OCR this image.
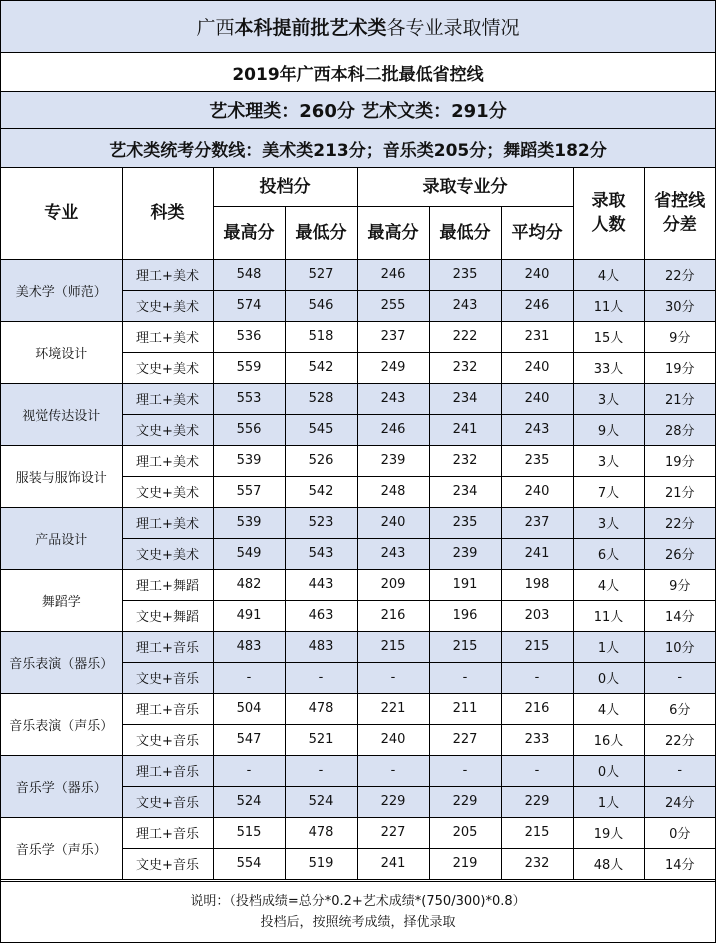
广西 本科提前批艺术类 各专业录取情况
2019年广西本科二批最低省控线
艺术理类：260分 艺术文类：291分
艺术类统考分数线：美术类213分；音乐类205分；舞蹈类182分
专业	科类	投档分		录取专业分			录取人数	省控线分差

		最高分	最低分	最高分	最低分	平均分		
美术学（师范）	理工+美术	548	527	246	235	240	4人	22分
	文史+美术	574	546	255	243	246	11人	30分
环境设计	理工+美术	536	518	237	222	231	15人	9分
	文史+美术	559	542	249	232	240	33人	19分
视觉传达设计	理工+美术	553	528	243	234	240	3人	21分
	文史+美术	556	545	246	241	243	9人	28分
服装与服饰设计	理工+美术	539	526	239	232	235	3人	19分
	文史+美术	557	542	248	234	240	7人	21分
产品设计	理工+美术	539	523	240	235	237	3人	22分
	文史+美术	549	543	243	239	241	6人	26分
舞蹈学	理工+舞蹈	482	443	209	191	198	4人	9分
	文史+舞蹈	491	463	216	196	203	11人	14分
音乐表演（器乐）	理工+音乐	483	483	215	215	215	1人	10分
	文史+音乐	-	-	-	-	-	0人	-
音乐表演（声乐）	理工+音乐	504	478	221	211	216	4人	6分
	文史+音乐	547	521	240	227	233	16人	22分
音乐学（器乐）	理工+音乐	-	-	-	-	-	0人	-
	文史+音乐	524	524	229	229	229	1人	24分
音乐学（声乐）	理工+音乐	515	478	227	205	215	19人	0分
	文史+音乐	554	519	241	219	232	48人	14分
说明：（投档成绩=总分*0.2+艺术成绩*(750/300)*0.8）
投档后，按照统考成绩，择优录取
